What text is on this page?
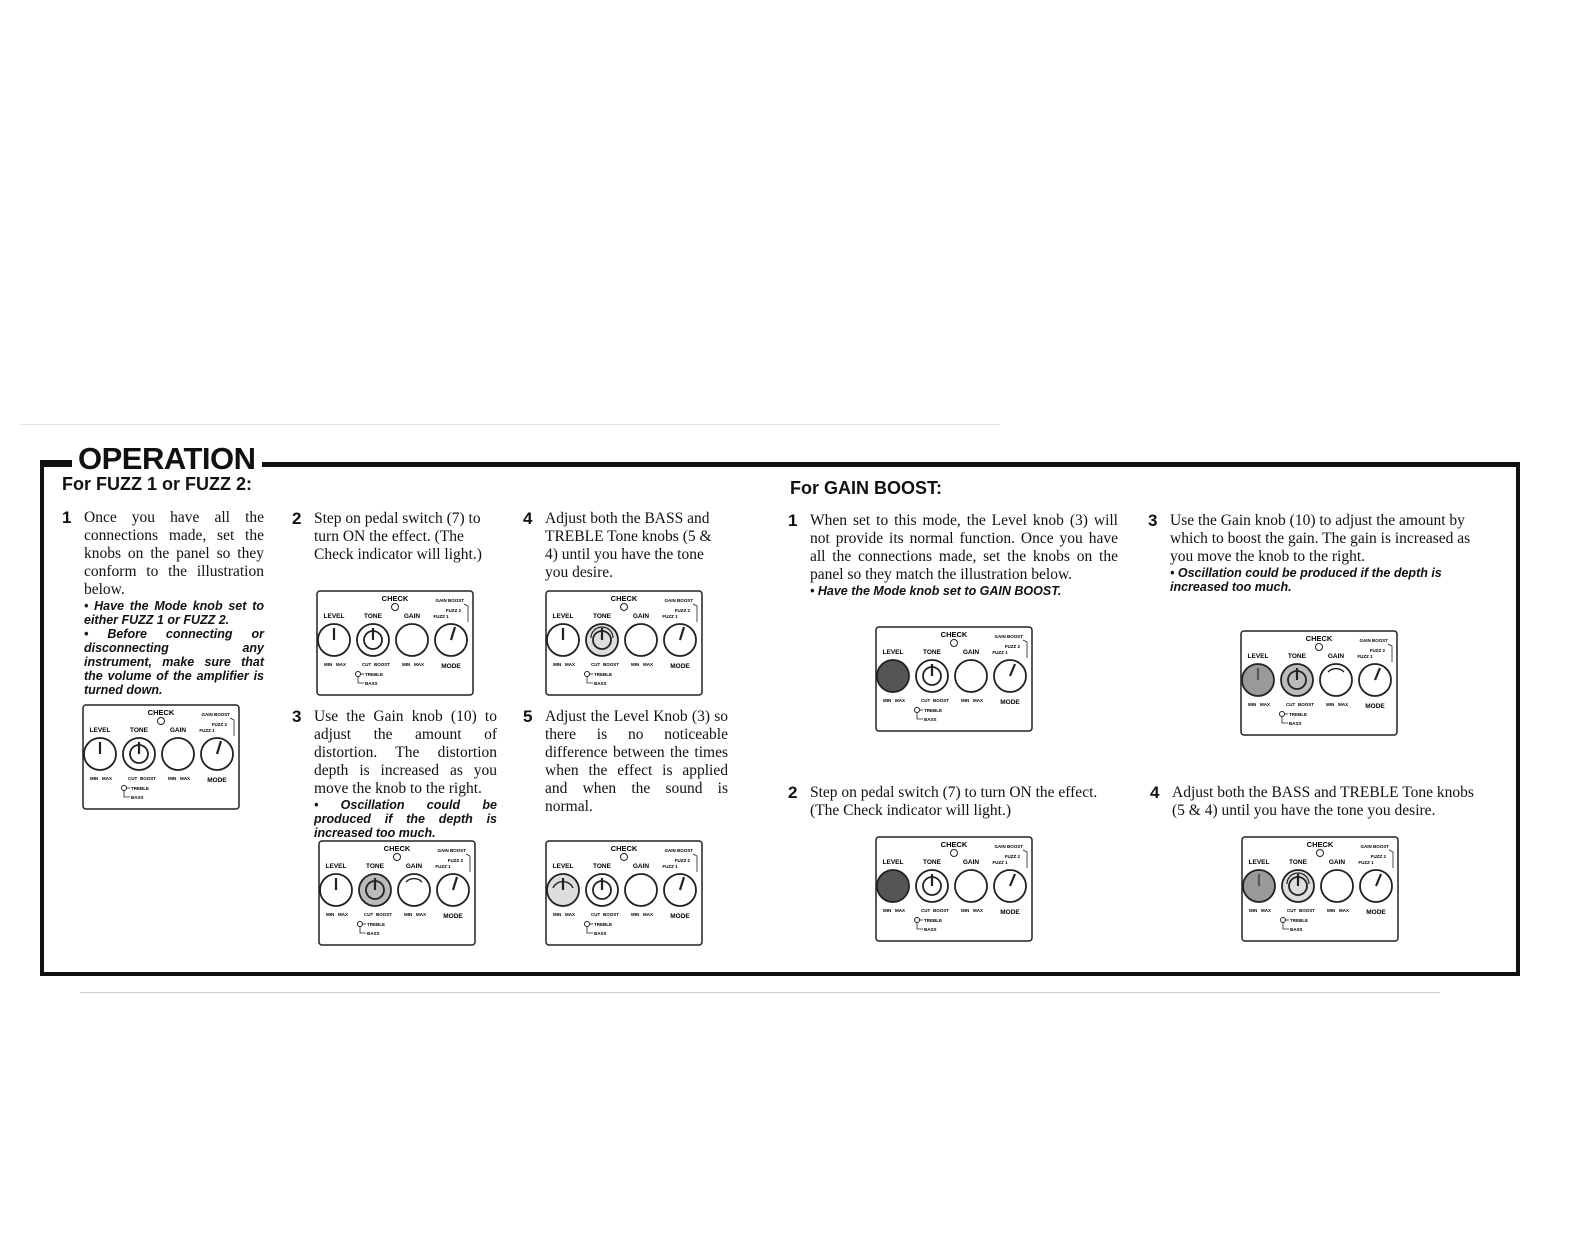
OPERATION
For FUZZ 1 or FUZZ 2:	For GAIN BOOST:
1 Once you have all the connections made, set the knobs on the panel so they conform to the illustration below.
• Have the Mode knob set to either FUZZ 1 or FUZZ 2.
• Before connecting or disconnecting any instrument, make sure that the volume of the amplifier is turned down.
2 Step on pedal switch (7) to turn ON the effect. (The Check indicator will light.)
3 Use the Gain knob (10) to adjust the amount of distortion. The distortion depth is increased as you move the knob to the right.
• Oscillation could be produced if the depth is increased too much.
4 Adjust both the BASS and TREBLE Tone knobs (5 & 4) until you have the tone you desire.
5 Adjust the Level Knob (3) so there is no noticeable difference between the times when the effect is applied and when the sound is normal.
1 When set to this mode, the Level knob (3) will not provide its normal function. Once you have all the connections made, set the knobs on the panel so they match the illustration below.
• Have the Mode knob set to GAIN BOOST.
2 Step on pedal switch (7) to turn ON the effect. (The Check indicator will light.)
3 Use the Gain knob (10) to adjust the amount by which to boost the gain. The gain is increased as you move the knob to the right.
• Oscillation could be produced if the depth is increased too much.
4 Adjust both the BASS and TREBLE Tone knobs (5 & 4) until you have the tone you desire.
CHECK	GAIN BOOST
FUZZ 2
FUZZ 1
LEVEL	TONE	GAIN
MIN MAX	CUT BOOST	MIN MAX	MODE
TREBLE
BASS
CHECK	GAIN BOOST
FUZZ 2
FUZZ 1
LEVEL	TONE	GAIN
MIN MAX	CUT BOOST	MIN MAX	MODE
TREBLE
BASS
CHECK	GAIN BOOST
FUZZ 2
FUZZ 1
LEVEL	TONE	GAIN
MIN MAX	CUT BOOST	MIN MAX	MODE
TREBLE
BASS
CHECK	GAIN BOOST
FUZZ 2
FUZZ 1
LEVEL	TONE	GAIN
MIN MAX	CUT BOOST	MIN MAX	MODE
TREBLE
BASS
CHECK	GAIN BOOST
FUZZ 2
FUZZ 1
LEVEL	TONE	GAIN
MIN MAX	CUT BOOST	MIN MAX	MODE
TREBLE
BASS
CHECK	GAIN BOOST
FUZZ 2
FUZZ 1
LEVEL	TONE	GAIN
MIN MAX	CUT BOOST	MIN MAX	MODE
TREBLE
BASS
CHECK	GAIN BOOST
FUZZ 2
FUZZ 1
LEVEL	TONE	GAIN
MIN MAX	CUT BOOST	MIN MAX	MODE
TREBLE
BASS
CHECK	GAIN BOOST
FUZZ 2
FUZZ 1
LEVEL	TONE	GAIN
MIN MAX	CUT BOOST	MIN MAX	MODE
TREBLE
BASS
CHECK	GAIN BOOST
FUZZ 2
FUZZ 1
LEVEL	TONE	GAIN
MIN MAX	CUT BOOST	MIN MAX	MODE
TREBLE
BASS
